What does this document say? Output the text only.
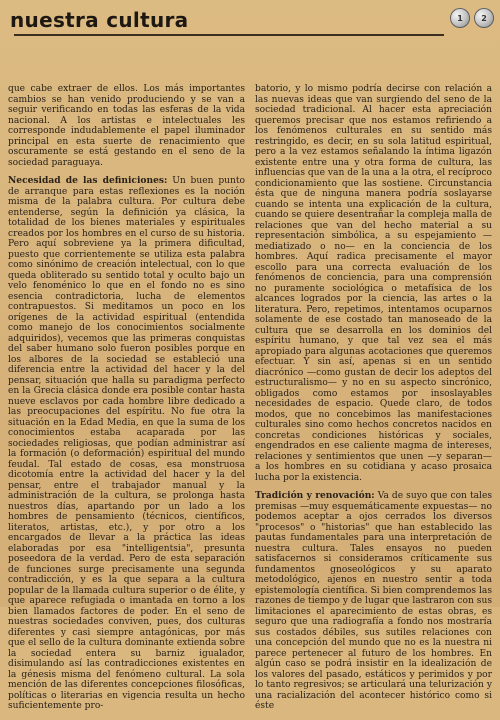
nuestra cultura	1 2

que cabe extraer de ellos. Los más importantes cambios se han venido produciendo y se van a seguir verificando en todas las esferas de la vida nacional. A los artistas e intelectuales les corresponde indudablemente el papel iluminador principal en esta suerte de renacimiento que oscuramente se está gestando en el seno de la sociedad paraguaya.

Necesidad de las definiciones: Un buen punto de arranque para estas reflexiones es la noción misma de la palabra cultura. Por cultura debe entenderse, según la definición ya clásica, la totalidad de los bienes materiales y espirituales creados por los hombres en el curso de su historia. Pero aquí sobreviene ya la primera dificultad, puesto que corrientemente se utiliza esta palabra como sinónimo de creación intelectual, con lo que queda obliterado su sentido total y oculto bajo un velo fenoménico lo que en el fondo no es sino esencia contradictoria, lucha de elementos contrapuestos. Si meditamos un poco en los orígenes de la actividad espiritual (entendida como manejo de los conocimientos socialmente adquiridos), vecemos que las primeras conquistas del saber humano solo fueron posibles porque en los albores de la sociedad se estableció una diferencia entre la actividad del hacer y la del pensar, situación que halla su paradigma perfecto en la Grecia clásica donde era posible contar hasta nueve esclavos por cada hombre libre dedicado a las preocupaciones del espíritu. No fue otra la situación en la Edad Media, en que la suma de los conocimientos estaba acaparada por las sociedades religiosas, que podían administrar así la formación (o deformación) espiritual del mundo feudal. Tal estado de cosas, esa monstruosa dicotomía entre la actividad del hacer y la del pensar, entre el trabajador manual y la administración de la cultura, se prolonga hasta nuestros días, apartando por un lado a los hombres de pensamiento (técnicos, científicos, literatos, artistas, etc.), y por otro a los encargados de llevar a la práctica las ideas elaboradas por esa "intelligentsia", presunta poseedora de la verdad. Pero de esta separación de funciones surge precisamente una segunda contradicción, y es la que separa a la cultura popular de la llamada cultura superior o de élite, y que aparece refugiada o imantada en torno a los bien llamados factores de poder. En el seno de nuestras sociedades conviven, pues, dos culturas diferentes y casi siempre antagónicas, por más que el sello de la cultura dominante extienda sobre la sociedad entera su barniz igualador, disimulando así las contradicciones existentes en la génesis misma del fenómeno cultural. La sola mención de las diferentes concepciones filosóficas, políticas o literarias en vigencia resulta un hecho suficientemente pro-

batorio, y lo mismo podría decirse con relación a las nuevas ideas que van surgiendo del seno de la sociedad tradicional. Al hacer esta apreciación queremos precisar que nos estamos refiriendo a los fenómenos culturales en su sentido más restringido, es decir, en su sola latitud espiritual, pero a la vez estamos señalando la íntima ligazón existente entre una y otra forma de cultura, las influencias que van de la una a la otra, el recíproco condicionamiento que las sostiene. Circunstancia ésta que de ninguna manera podría soslayarse cuando se intenta una explicación de la cultura, cuando se quiere desentrañar la compleja malla de relaciones que van del hecho material a su representación simbólica, a su espejamiento —mediatizado o no— en la conciencia de los hombres. Aquí radica precisamente el mayor escollo para una correcta evaluación de los fenómenos de conciencia, para una comprensión no puramente sociológica o metafísica de los alcances logrados por la ciencia, las artes o la literatura. Pero, repetimos, intentamos ocuparnos solamente de ese costado tan manoseado de la cultura que se desarrolla en los dominios del espíritu humano, y que tal vez sea el más apropiado para algunas acotaciones que queremos efectuar. Y sin así, apenas si en un sentido diacrónico —como gustan de decir los adeptos del estructuralismo— y no en su aspecto sincrónico, obligados como estamos por insoslayables necesidades de espacio. Quede claro, de todos modos, que no concebimos las manifestaciones culturales sino como hechos concretos nacidos en concretas condiciones históricas y sociales, engendrados en ese caliente magma de intereses, relaciones y sentimientos que unen —y separan— a los hombres en su cotidiana y acaso prosaica lucha por la existencia.

Tradición y renovación: Va de suyo que con tales premisas —muy esquemáticamente expuestas— no podemos aceptar a ojos cerrados los diversos "procesos" o "historias" que han establecido las pautas fundamentales para una interpretación de nuestra cultura. Tales ensayos no pueden satisfacernos si consideramos críticamente sus fundamentos gnoseológicos y su aparato metodológico, ajenos en nuestro sentir a toda epistemología científica. Si bien comprendemos las razones de tiempo y de lugar que lastraron con sus limitaciones el aparecimiento de estas obras, es seguro que una radiografía a fondo nos mostraría sus costados débiles, sus sutiles relaciones con una concepción del mundo que no es la nuestra ni parece pertenecer al futuro de los hombres. En algún caso se podrá insistir en la idealización de los valores del pasado, estáticos y perimidos y por lo tanto regresivos; se articulará una telurización y una racialización del acontecer histórico como si éste
